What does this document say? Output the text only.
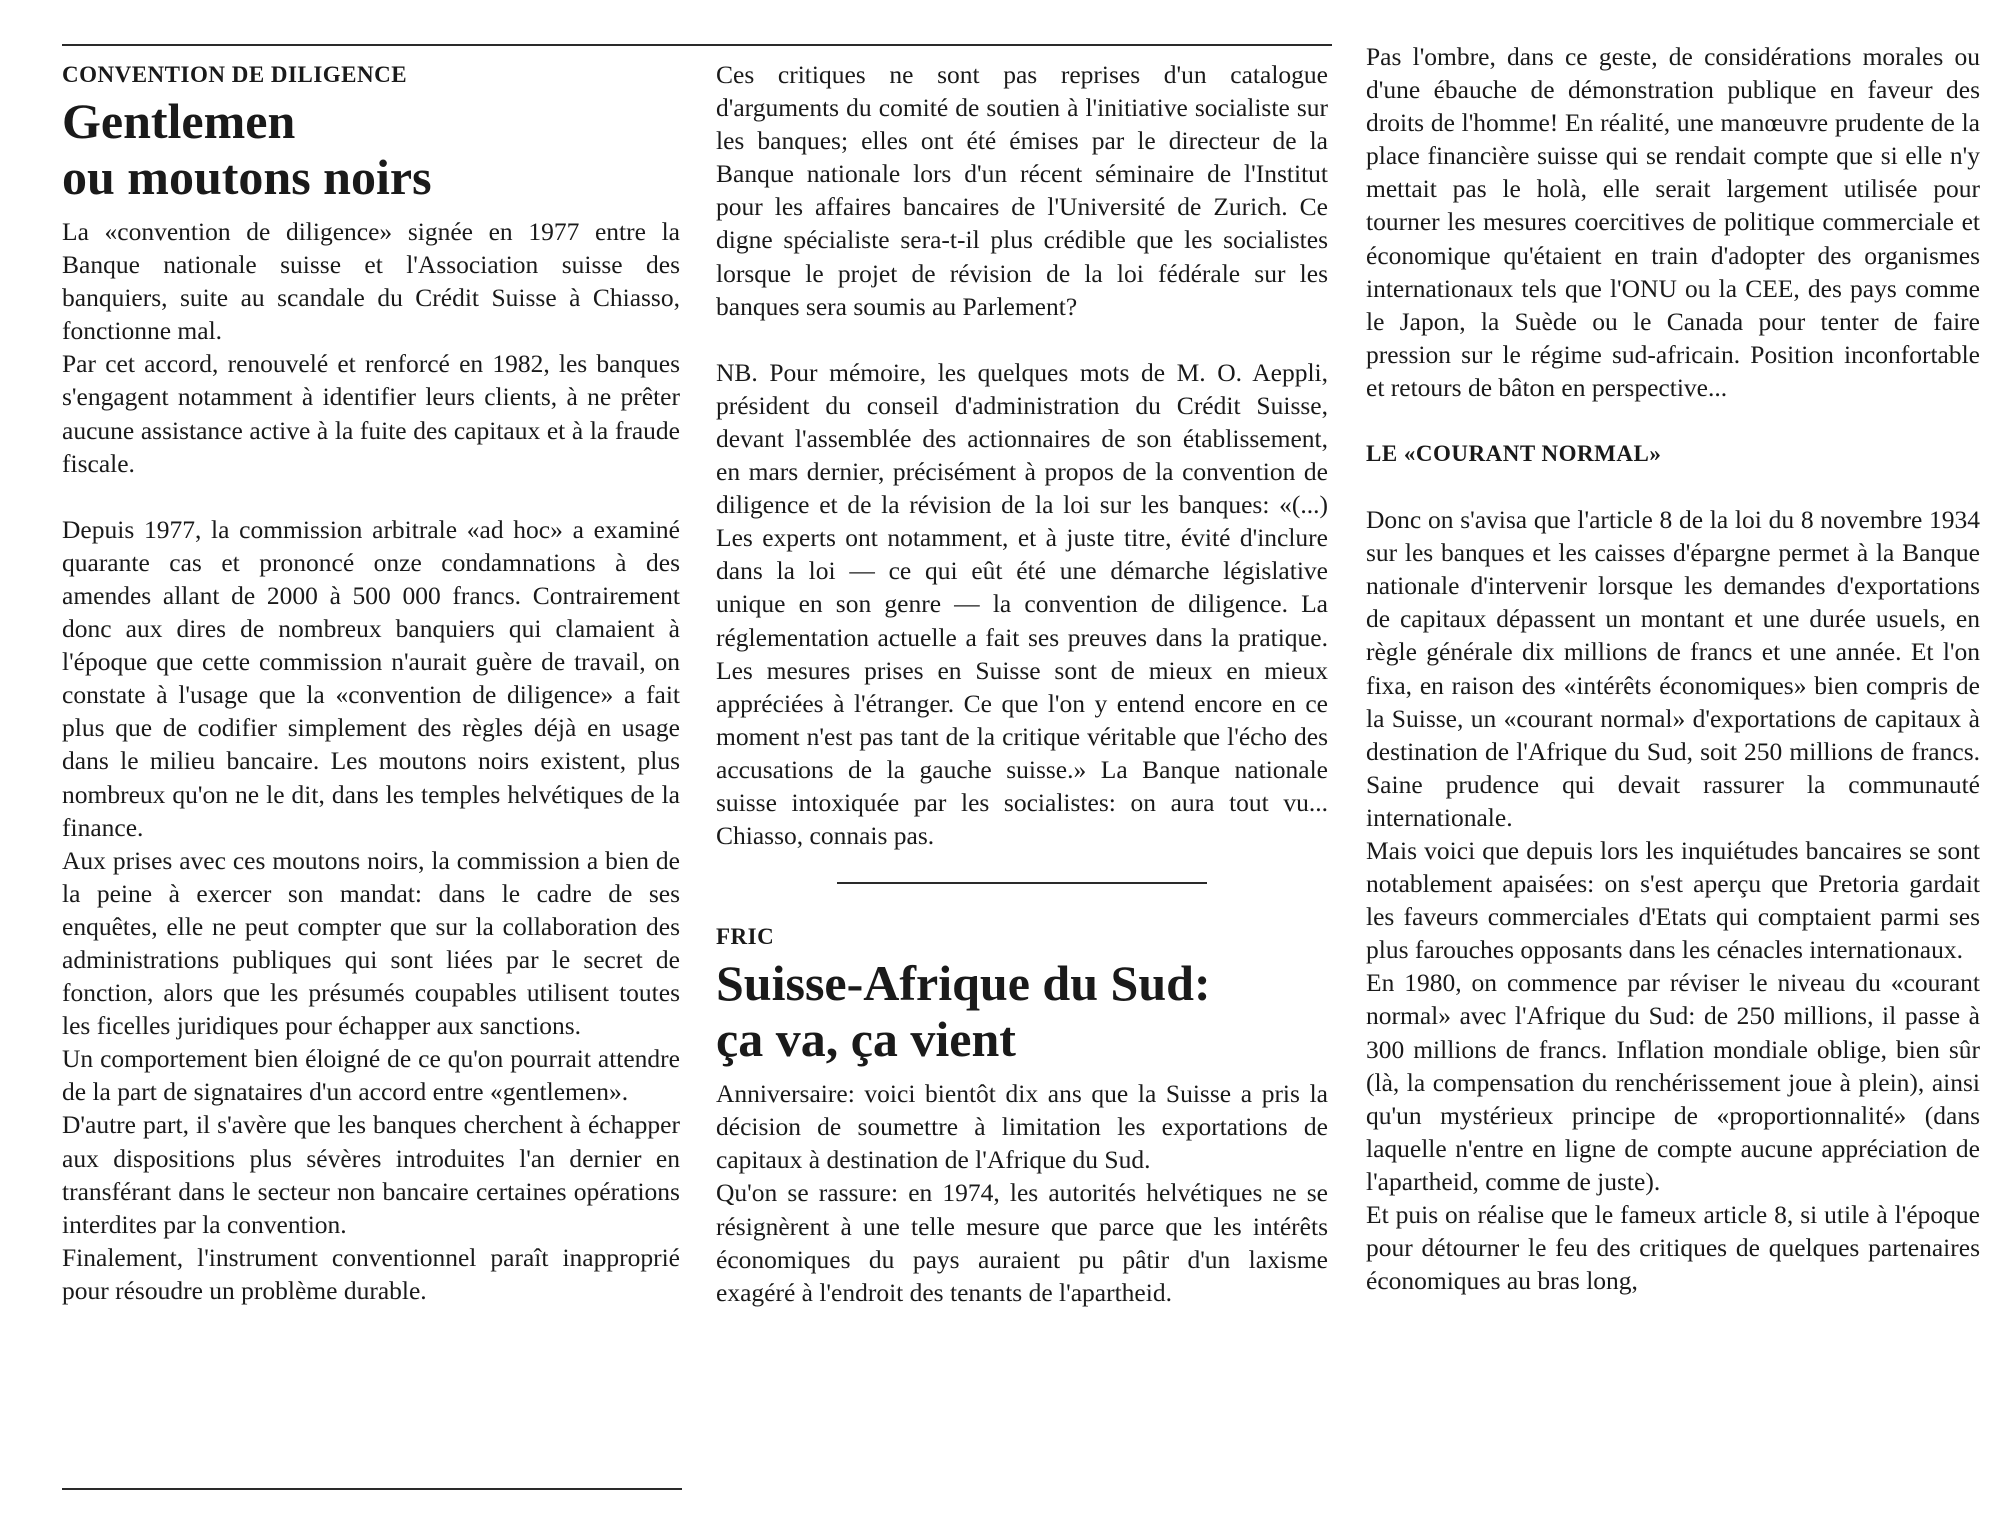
CONVENTION DE DILIGENCE

Gentlemen
ou moutons noirs

La «convention de diligence» signée en 1977 entre la Banque nationale suisse et l'Association suisse des banquiers, suite au scandale du Crédit Suisse à Chiasso, fonctionne mal.

Par cet accord, renouvelé et renforcé en 1982, les banques s'engagent notamment à identifier leurs clients, à ne prêter aucune assistance active à la fuite des capitaux et à la fraude fiscale.

Depuis 1977, la commission arbitrale «ad hoc» a examiné quarante cas et prononcé onze condamnations à des amendes allant de 2000 à 500 000 francs. Contrairement donc aux dires de nombreux banquiers qui clamaient à l'époque que cette commission n'aurait guère de travail, on constate à l'usage que la «convention de diligence» a fait plus que de codifier simplement des règles déjà en usage dans le milieu bancaire. Les moutons noirs existent, plus nombreux qu'on ne le dit, dans les temples helvétiques de la finance.

Aux prises avec ces moutons noirs, la commission a bien de la peine à exercer son mandat: dans le cadre de ses enquêtes, elle ne peut compter que sur la collaboration des administrations publiques qui sont liées par le secret de fonction, alors que les présumés coupables utilisent toutes les ficelles juridiques pour échapper aux sanctions.

Un comportement bien éloigné de ce qu'on pourrait attendre de la part de signataires d'un accord entre «gentlemen».

D'autre part, il s'avère que les banques cherchent à échapper aux dispositions plus sévères introduites l'an dernier en transférant dans le secteur non bancaire certaines opérations interdites par la convention.

Finalement, l'instrument conventionnel paraît inapproprié pour résoudre un problème durable.

Ces critiques ne sont pas reprises d'un catalogue d'arguments du comité de soutien à l'initiative socialiste sur les banques; elles ont été émises par le directeur de la Banque nationale lors d'un récent séminaire de l'Institut pour les affaires bancaires de l'Université de Zurich. Ce digne spécialiste sera-t-il plus crédible que les socialistes lorsque le projet de révision de la loi fédérale sur les banques sera soumis au Parlement?

NB. Pour mémoire, les quelques mots de M. O. Aeppli, président du conseil d'administration du Crédit Suisse, devant l'assemblée des actionnaires de son établissement, en mars dernier, précisément à propos de la convention de diligence et de la révision de la loi sur les banques: «(...) Les experts ont notamment, et à juste titre, évité d'inclure dans la loi — ce qui eût été une démarche législative unique en son genre — la convention de diligence. La réglementation actuelle a fait ses preuves dans la pratique. Les mesures prises en Suisse sont de mieux en mieux appréciées à l'étranger. Ce que l'on y entend encore en ce moment n'est pas tant de la critique véritable que l'écho des accusations de la gauche suisse.» La Banque nationale suisse intoxiquée par les socialistes: on aura tout vu... Chiasso, connais pas.

FRIC

Suisse-Afrique du Sud:
ça va, ça vient

Anniversaire: voici bientôt dix ans que la Suisse a pris la décision de soumettre à limitation les exportations de capitaux à destination de l'Afrique du Sud.

Qu'on se rassure: en 1974, les autorités helvétiques ne se résignèrent à une telle mesure que parce que les intérêts économiques du pays auraient pu pâtir d'un laxisme exagéré à l'endroit des tenants de l'apartheid.

Pas l'ombre, dans ce geste, de considérations morales ou d'une ébauche de démonstration publique en faveur des droits de l'homme! En réalité, une manœuvre prudente de la place financière suisse qui se rendait compte que si elle n'y mettait pas le holà, elle serait largement utilisée pour tourner les mesures coercitives de politique commerciale et économique qu'étaient en train d'adopter des organismes internationaux tels que l'ONU ou la CEE, des pays comme le Japon, la Suède ou le Canada pour tenter de faire pression sur le régime sud-africain. Position inconfortable et retours de bâton en perspective...

LE «COURANT NORMAL»

Donc on s'avisa que l'article 8 de la loi du 8 novembre 1934 sur les banques et les caisses d'épargne permet à la Banque nationale d'intervenir lorsque les demandes d'exportations de capitaux dépassent un montant et une durée usuels, en règle générale dix millions de francs et une année. Et l'on fixa, en raison des «intérêts économiques» bien compris de la Suisse, un «courant normal» d'exportations de capitaux à destination de l'Afrique du Sud, soit 250 millions de francs. Saine prudence qui devait rassurer la communauté internationale.

Mais voici que depuis lors les inquiétudes bancaires se sont notablement apaisées: on s'est aperçu que Pretoria gardait les faveurs commerciales d'Etats qui comptaient parmi ses plus farouches opposants dans les cénacles internationaux.

En 1980, on commence par réviser le niveau du «courant normal» avec l'Afrique du Sud: de 250 millions, il passe à 300 millions de francs. Inflation mondiale oblige, bien sûr (là, la compensation du renchérissement joue à plein), ainsi qu'un mystérieux principe de «proportionnalité» (dans laquelle n'entre en ligne de compte aucune appréciation de l'apartheid, comme de juste).

Et puis on réalise que le fameux article 8, si utile à l'époque pour détourner le feu des critiques de quelques partenaires économiques au bras long,
